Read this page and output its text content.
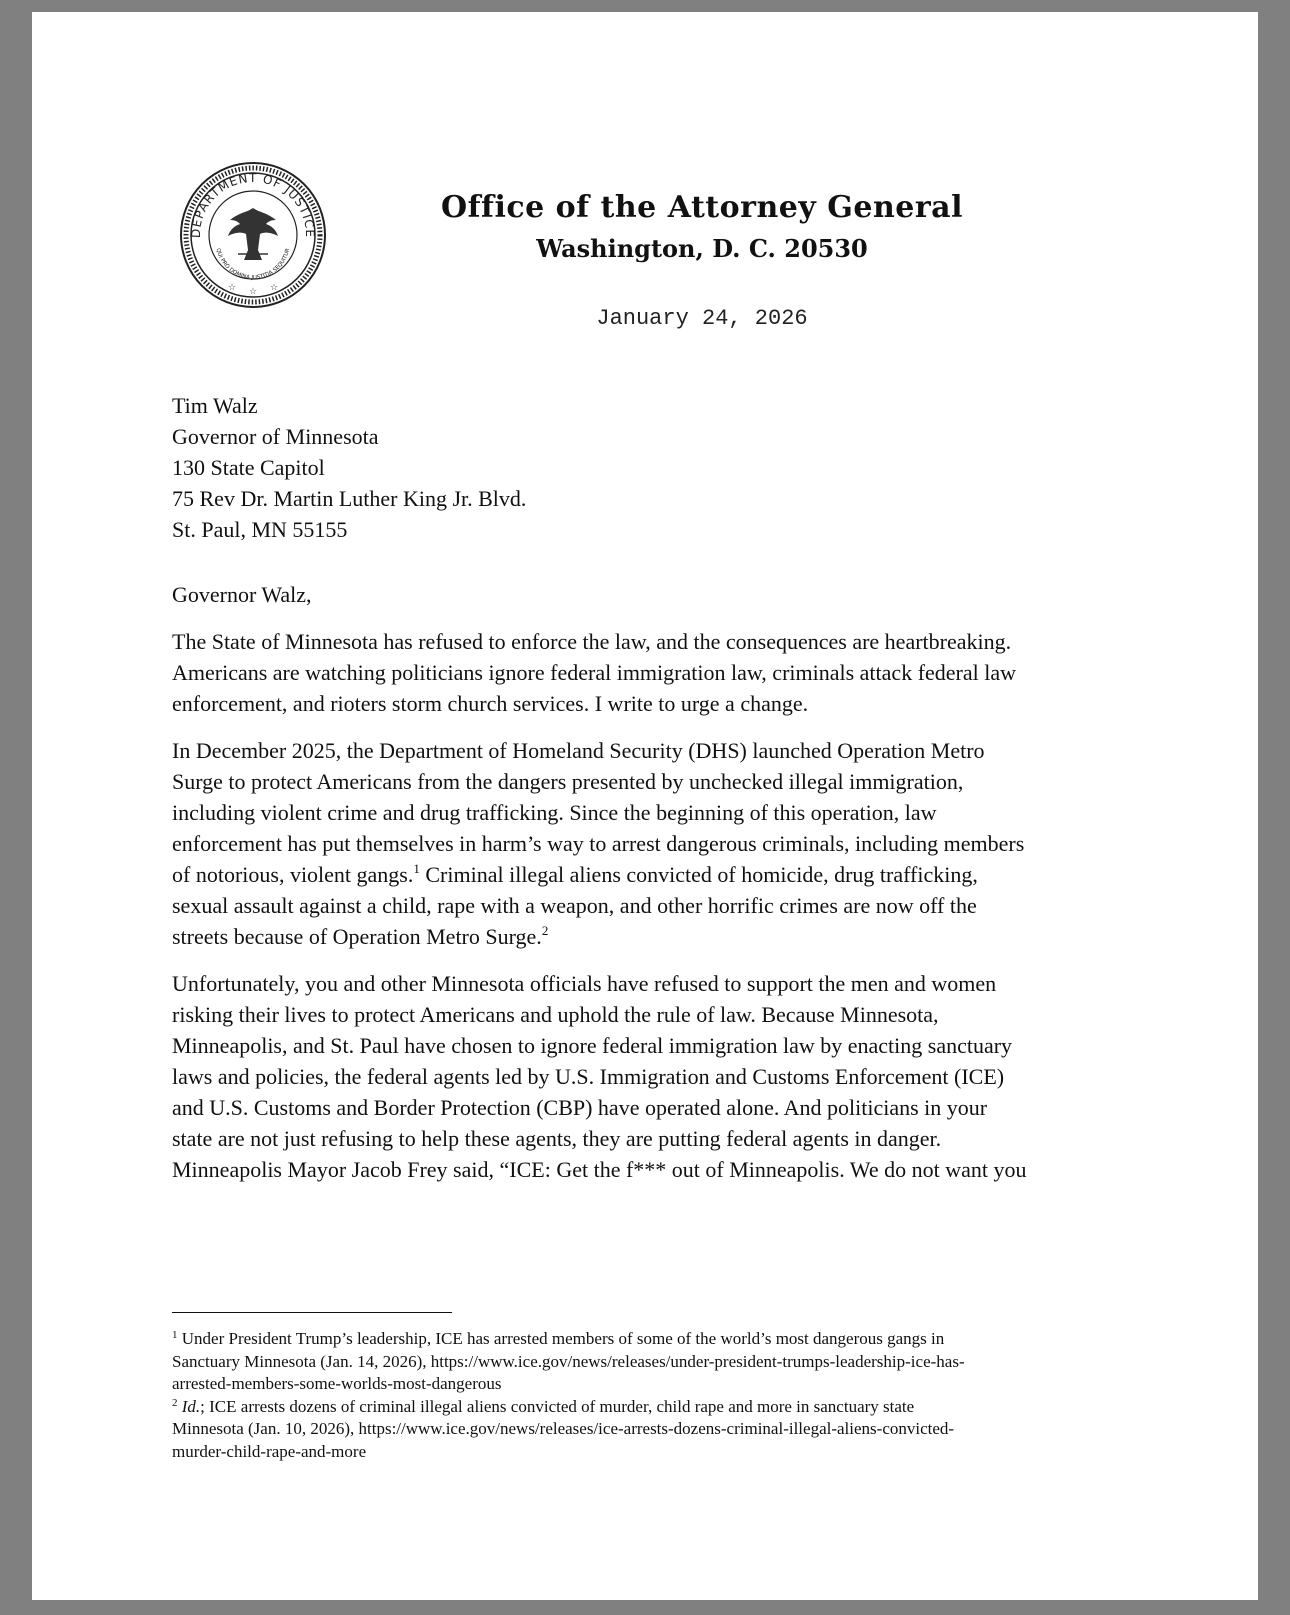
DEPARTMENT OF JUSTICE
QUI PRO DOMINA JUSTITIA SEQUITUR
☆ ☆ ☆
Office of the Attorney General
Washington, D. C. 20530
January 24, 2026
Tim Walz
Governor of Minnesota
130 State Capitol
75 Rev Dr. Martin Luther King Jr. Blvd.
St. Paul, MN 55155
Governor Walz,

The State of Minnesota has refused to enforce the law, and the consequences are heartbreaking.
Americans are watching politicians ignore federal immigration law, criminals attack federal law
enforcement, and rioters storm church services. I write to urge a change.

In December 2025, the Department of Homeland Security (DHS) launched Operation Metro
Surge to protect Americans from the dangers presented by unchecked illegal immigration,
including violent crime and drug trafficking. Since the beginning of this operation, law
enforcement has put themselves in harm’s way to arrest dangerous criminals, including members
of notorious, violent gangs.$^1$ Criminal illegal aliens convicted of homicide, drug trafficking,
sexual assault against a child, rape with a weapon, and other horrific crimes are now off the
streets because of Operation Metro Surge.$^2$

Unfortunately, you and other Minnesota officials have refused to support the men and women
risking their lives to protect Americans and uphold the rule of law. Because Minnesota,
Minneapolis, and St. Paul have chosen to ignore federal immigration law by enacting sanctuary
laws and policies, the federal agents led by U.S. Immigration and Customs Enforcement (ICE)
and U.S. Customs and Border Protection (CBP) have operated alone. And politicians in your
state are not just refusing to help these agents, they are putting federal agents in danger.
Minneapolis Mayor Jacob Frey said, “ICE: Get the f*** out of Minneapolis. We do not want you

$^1$ Under President Trump’s leadership, ICE has arrested members of some of the world’s most dangerous gangs in
Sanctuary Minnesota (Jan. 14, 2026), https://www.ice.gov/news/releases/under-president-trumps-leadership-ice-has-
arrested-members-some-worlds-most-dangerous
$^2$ Id.; ICE arrests dozens of criminal illegal aliens convicted of murder, child rape and more in sanctuary state
Minnesota (Jan. 10, 2026), https://www.ice.gov/news/releases/ice-arrests-dozens-criminal-illegal-aliens-convicted-
murder-child-rape-and-more
